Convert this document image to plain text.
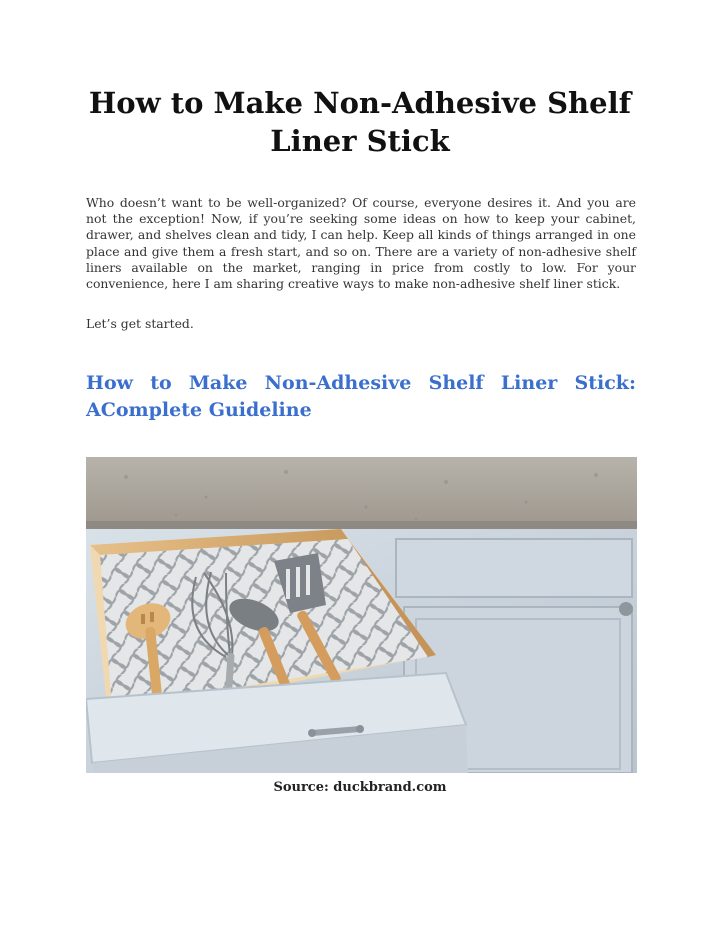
How to Make Non-Adhesive Shelf Liner Stick

Who doesn’t want to be well-organized? Of course, everyone desires it. And you are not the exception! Now, if you’re seeking some ideas on how to keep your cabinet, drawer, and shelves clean and tidy, I can help. Keep all kinds of things arranged in one place and give them a fresh start, and so on. There are a variety of non-adhesive shelf liners available on the market, ranging in price from costly to low. For your convenience, here I am sharing creative ways to make non-adhesive shelf liner stick.

Let’s get started.

How to Make Non-Adhesive Shelf Liner Stick: AComplete Guideline
Source: duckbrand.com
